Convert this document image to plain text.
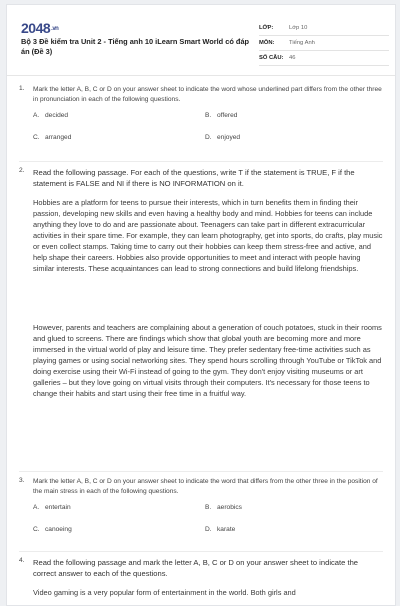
2048.vn
Bộ 3 Đề kiểm tra Unit 2 - Tiếng anh 10 iLearn Smart World có đáp án (Đề 3)
LỚP:	Lớp 10
MÔN:	Tiếng Anh
SỐ CÂU: 46
1. Mark the letter A, B, C or D on your answer sheet to indicate the word whose underlined part differs from the other three in pronunciation in each of the following questions.
A. decided	B. offered
C. arranged	D. enjoyed
2. Read the following passage. For each of the questions, write T if the statement is TRUE, F if the statement is FALSE and NI if there is NO INFORMATION on it.
Hobbies are a platform for teens to pursue their interests, which in turn benefits them in finding their passion, developing new skills and even having a healthy body and mind. Hobbies for teens can include anything they love to do and are passionate about. Teenagers can take part in different extracurricular activities in their spare time. For example, they can learn photography, get into sports, do crafts, play music or even collect stamps. Taking time to carry out their hobbies can keep them stress-free and active, and help shape their careers. Hobbies also provide opportunities to meet and interact with people having similar interests. These acquaintances can lead to strong connections and build lifelong friendships.
However, parents and teachers are complaining about a generation of couch potatoes, stuck in their rooms and glued to screens. There are findings which show that global youth are becoming more and more immersed in the virtual world of play and leisure time. They prefer sedentary free-time activities such as playing games or using social networking sites. They spend hours scrolling through YouTube or TikTok and doing exercise using their Wi-Fi instead of going to the gym. They don't enjoy visiting museums or art galleries – but they love going on virtual visits through their computers. It's necessary for those teens to change their habits and start using their free time in a fruitful way.
3. Mark the letter A, B, C or D on your answer sheet to indicate the word that differs from the other three in the position of the main stress in each of the following questions.
A. entertain	B. aerobics
C. canoeing	D. karate
4. Read the following passage and mark the letter A, B, C or D on your answer sheet to indicate the correct answer to each of the questions.
Video gaming is a very popular form of entertainment in the world. Both girls and
